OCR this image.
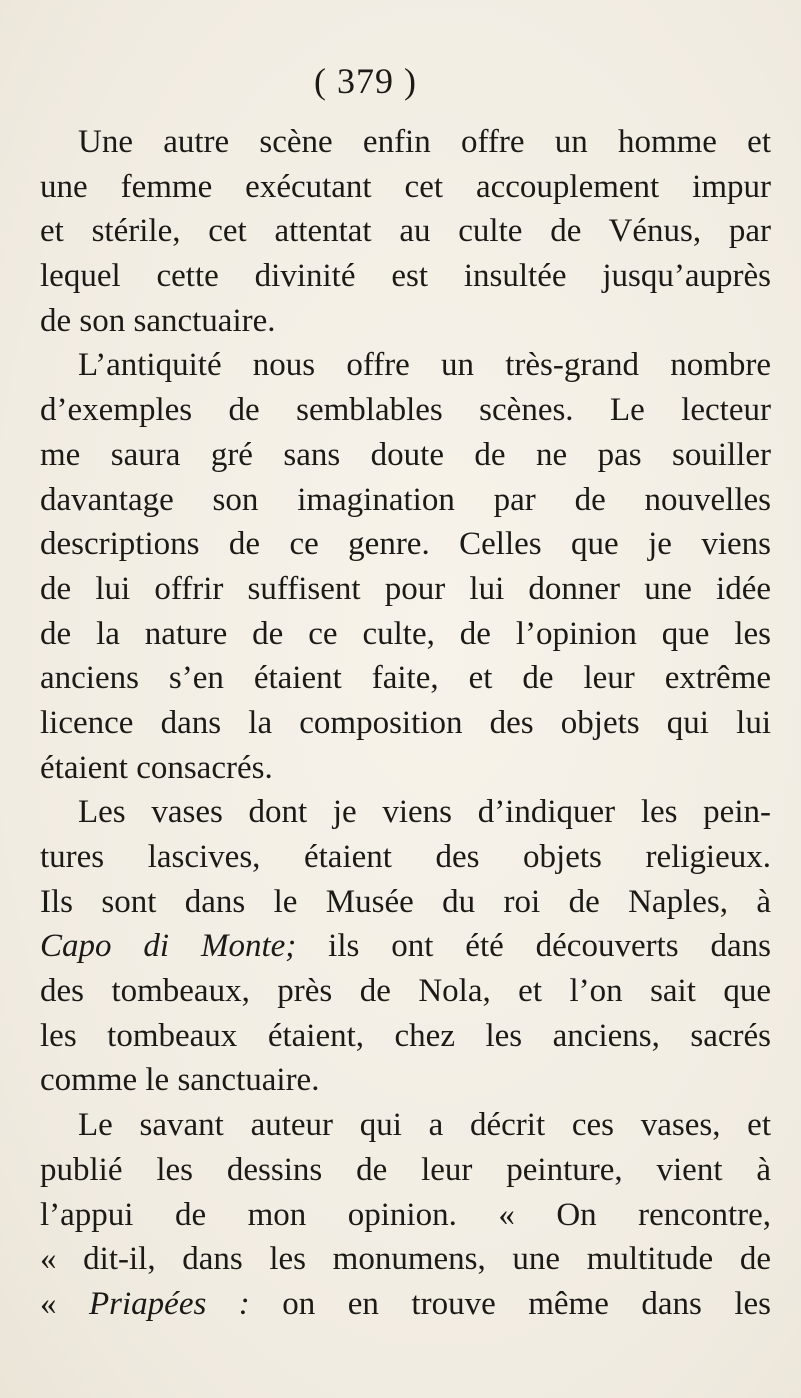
( 379 )
Une autre scène enfin offre un homme et
une femme exécutant cet accouplement impur
et stérile, cet attentat au culte de Vénus, par
lequel cette divinité est insultée jusqu’auprès
de son sanctuaire.
L’antiquité nous offre un très-grand nombre
d’exemples de semblables scènes. Le lecteur
me saura gré sans doute de ne pas souiller
davantage son imagination par de nouvelles
descriptions de ce genre. Celles que je viens
de lui offrir suffisent pour lui donner une idée
de la nature de ce culte, de l’opinion que les
anciens s’en étaient faite, et de leur extrême
licence dans la composition des objets qui lui
étaient consacrés.
Les vases dont je viens d’indiquer les pein-
tures lascives, étaient des objets religieux.
Ils sont dans le Musée du roi de Naples, à
Capo di Monte; ils ont été découverts dans
des tombeaux, près de Nola, et l’on sait que
les tombeaux étaient, chez les anciens, sacrés
comme le sanctuaire.
Le savant auteur qui a décrit ces vases, et
publié les dessins de leur peinture, vient à
l’appui de mon opinion. « On rencontre,
« dit-il, dans les monumens, une multitude de
« Priapées : on en trouve même dans les
